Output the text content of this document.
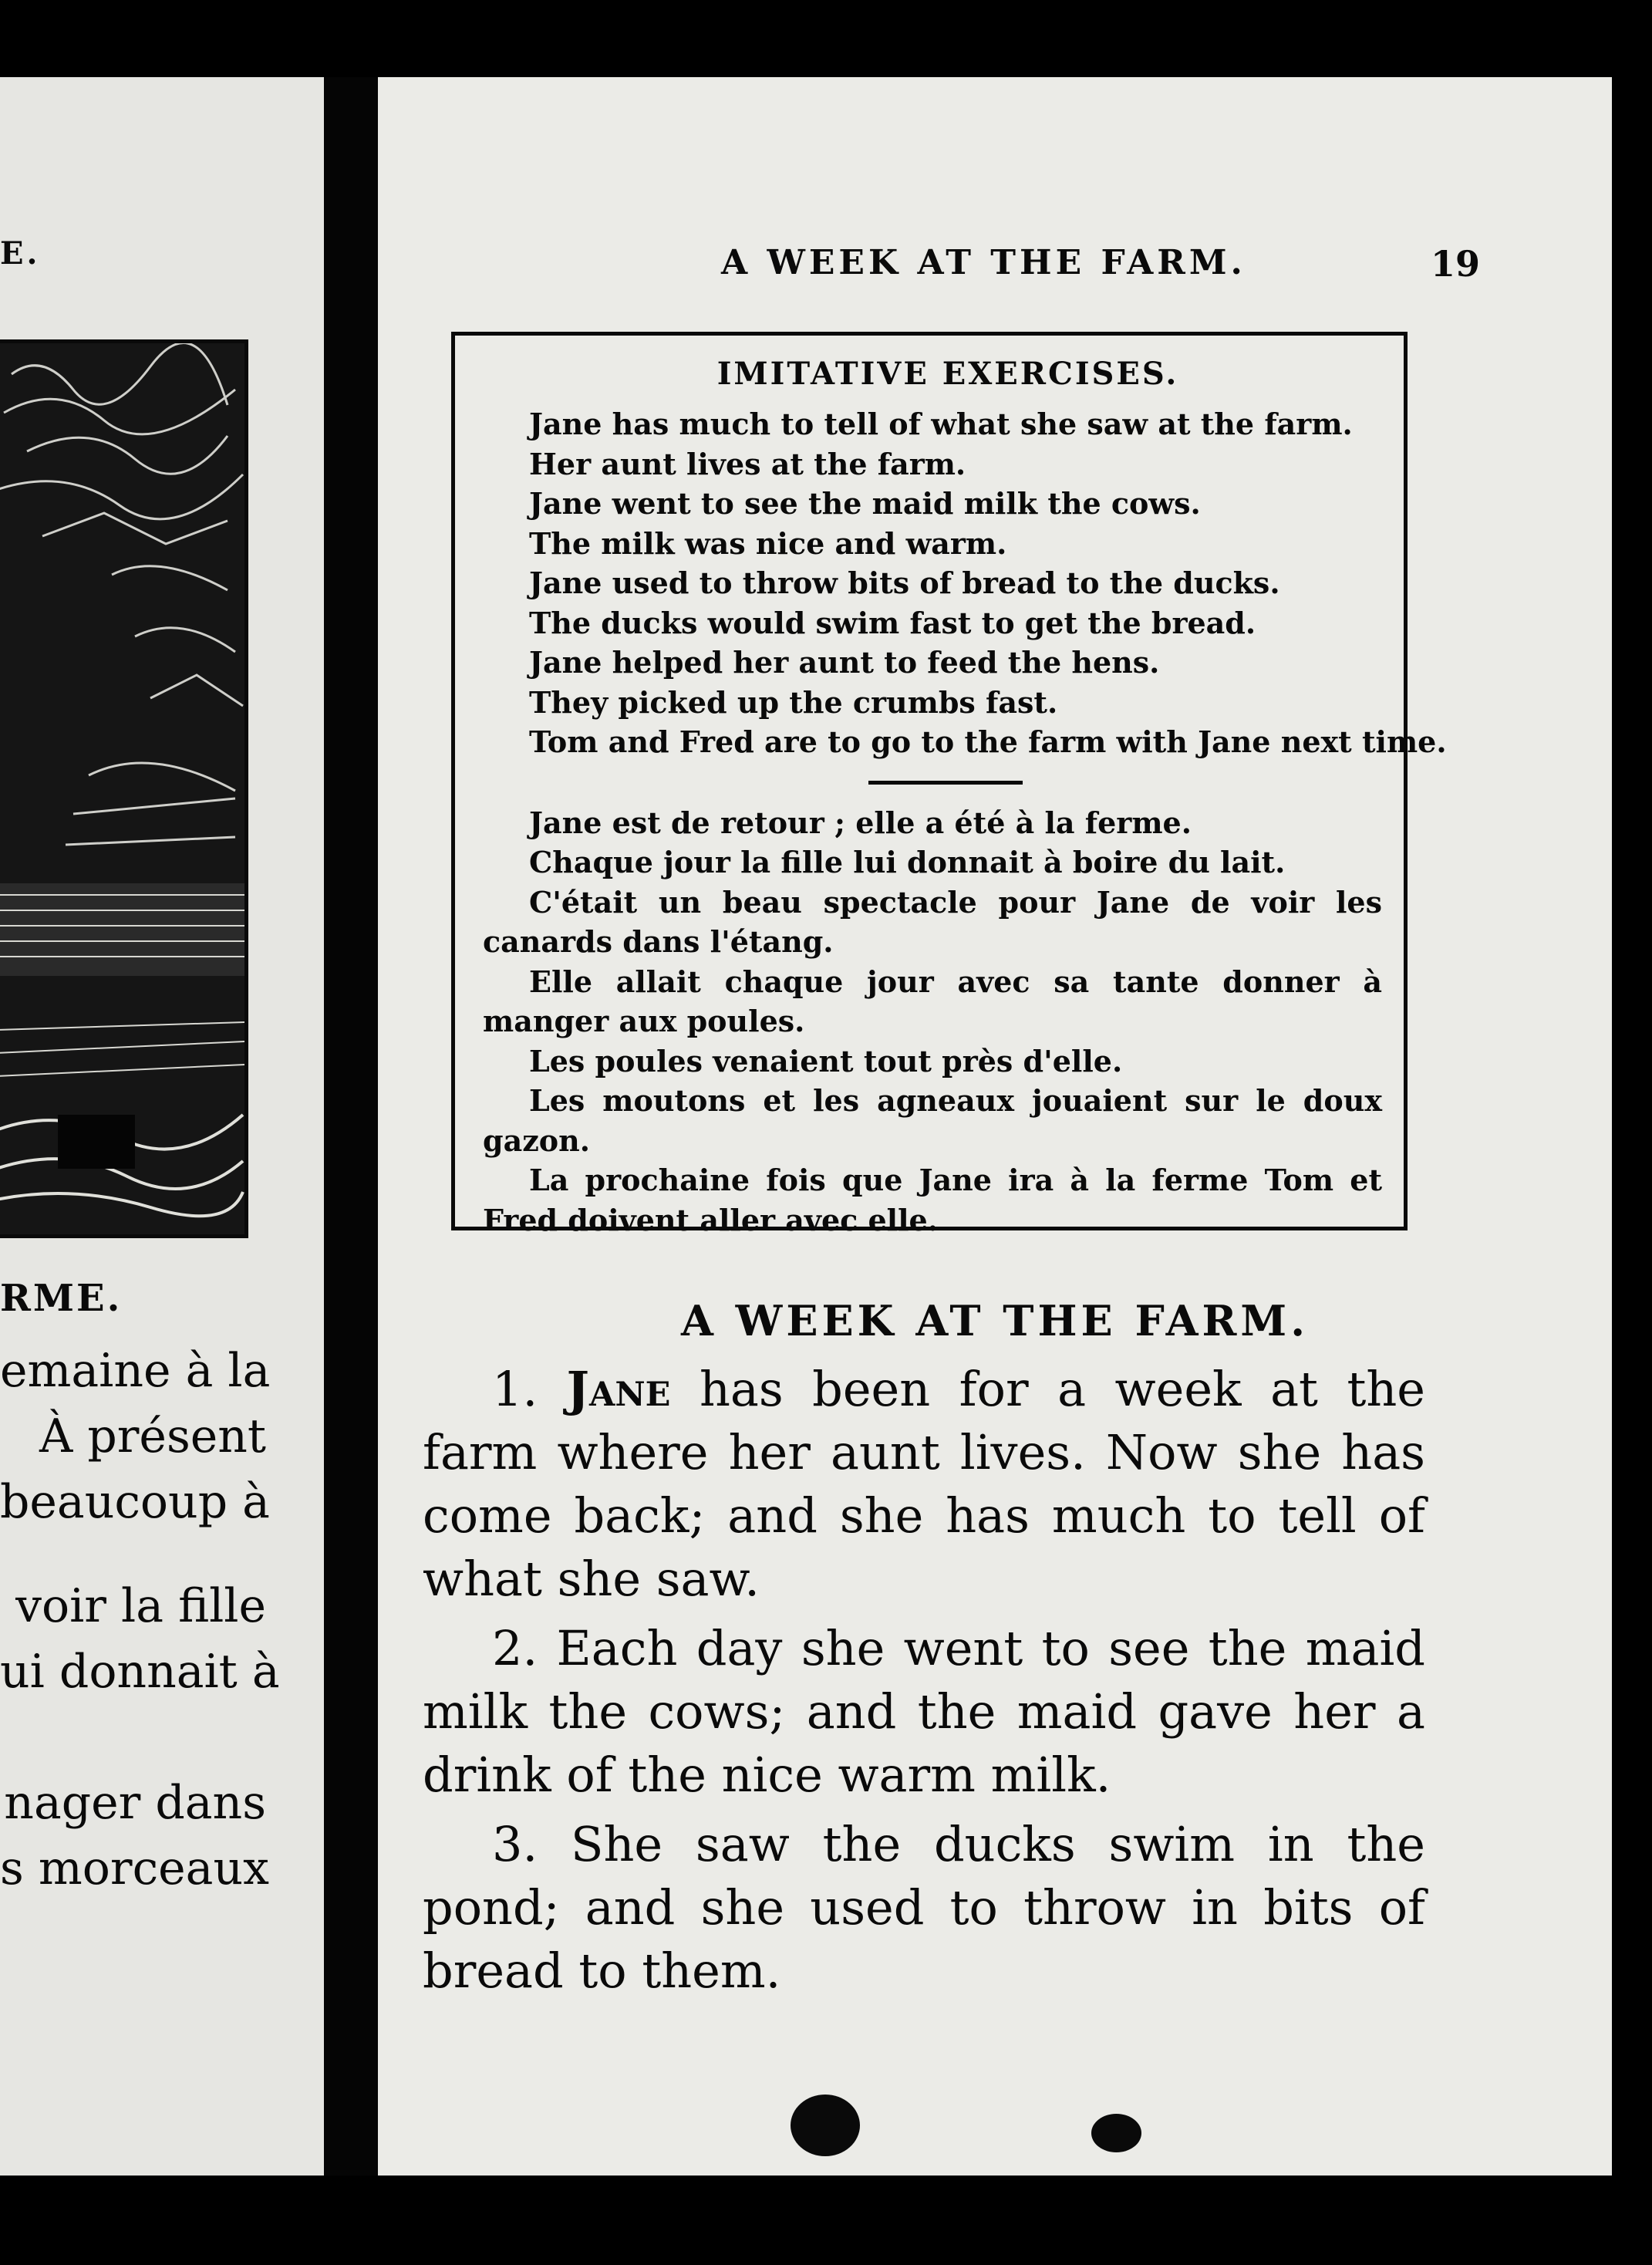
E.
RME.
emaine à la
À présent
beaucoup à
voir la fille
ui donnait à
nager dans
s morceaux
A WEEK AT THE FARM.	19
IMITATIVE EXERCISES.
Jane has much to tell of what she saw at the farm.
Her aunt lives at the farm.
Jane went to see the maid milk the cows.
The milk was nice and warm.
Jane used to throw bits of bread to the ducks.
The ducks would swim fast to get the bread.
Jane helped her aunt to feed the hens.
They picked up the crumbs fast.
Tom and Fred are to go to the farm with Jane next time.
Jane est de retour ; elle a été à la ferme.
Chaque jour la fille lui donnait à boire du lait.
C'était un beau spectacle pour Jane de voir les canards dans l'étang.
Elle allait chaque jour avec sa tante donner à manger aux poules.
Les poules venaient tout près d'elle.
Les moutons et les agneaux jouaient sur le doux gazon.
La prochaine fois que Jane ira à la ferme Tom et Fred doivent aller avec elle.
A WEEK AT THE FARM.

1. Jane has been for a week at the farm where her aunt lives. Now she has come back; and she has much to tell of what she saw.

2. Each day she went to see the maid milk the cows; and the maid gave her a drink of the nice warm milk.

3. She saw the ducks swim in the pond; and she used to throw in bits of bread to them.
